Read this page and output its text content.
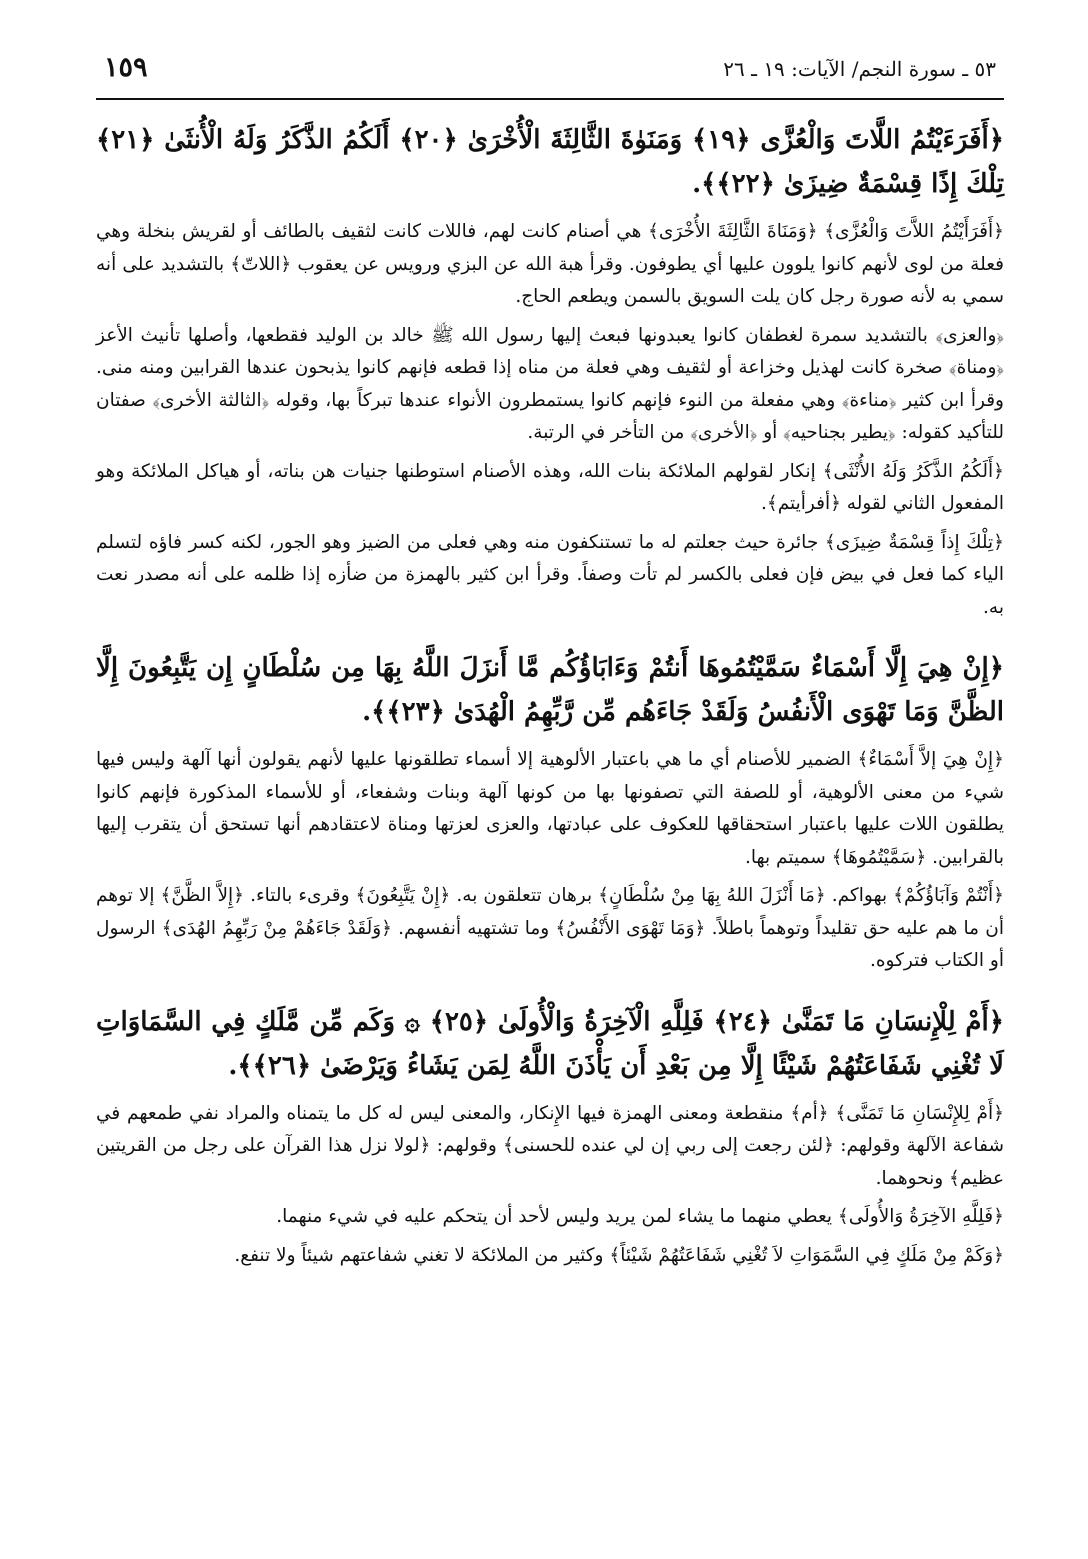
٥٣ ـ سورة النجم/ الآيات: ١٩ ـ ٢٦
١٥٩
﴿أَفَرَءَيْتُمُ اللَّاتَ وَالْعُزَّى ﴿١٩﴾ وَمَنَوٰةَ الثَّالِثَةَ الْأُخْرَىٰ ﴿٢٠﴾ أَلَكُمُ الذَّكَرُ وَلَهُ الْأُنثَىٰ ﴿٢١﴾ تِلْكَ إِذًا قِسْمَةٌ ضِيزَىٰ ﴿٢٢﴾﴾.

﴿أَفَرَأَيْتُمُ اللاَّتَ وَالْعُزَّى﴾ ﴿وَمَنَاةَ الثَّالِثَةَ الأُخْرَى﴾ هي أصنام كانت لهم، فاللات كانت لثقيف بالطائف أو لقريش بنخلة وهي فعلة من لوى لأنهم كانوا يلوون عليها أي يطوفون. وقرأ هبة الله عن البزي ورويس عن يعقوب ﴿اللاتّ﴾ بالتشديد على أنه سمي به لأنه صورة رجل كان يلت السويق بالسمن ويطعم الحاج.

﴿والعزى﴾ بالتشديد سمرة لغطفان كانوا يعبدونها فبعث إليها رسول الله ﷺ خالد بن الوليد فقطعها، وأصلها تأنيث الأعز ﴿ومناة﴾ صخرة كانت لهذيل وخزاعة أو لثقيف وهي فعلة من مناه إذا قطعه فإنهم كانوا يذبحون عندها القرابين ومنه منى. وقرأ ابن كثير ﴿مناءة﴾ وهي مفعلة من النوء فإنهم كانوا يستمطرون الأنواء عندها تبركاً بها، وقوله ﴿الثالثة الأخرى﴾ صفتان للتأكيد كقوله: ﴿يطير بجناحيه﴾ أو ﴿الأخرى﴾ من التأخر في الرتبة.

﴿أَلَكُمُ الذَّكَرُ وَلَهُ الأُنْثَى﴾ إنكار لقولهم الملائكة بنات الله، وهذه الأصنام استوطنها جنيات هن بناته، أو هياكل الملائكة وهو المفعول الثاني لقوله ﴿أفرأيتم﴾.

﴿تِلْكَ إِذاً قِسْمَةٌ ضِيزَى﴾ جائرة حيث جعلتم له ما تستنكفون منه وهي فعلى من الضيز وهو الجور، لكنه كسر فاؤه لتسلم الياء كما فعل في بيض فإن فعلى بالكسر لم تأت وصفاً. وقرأ ابن كثير بالهمزة من ضأزه إذا ظلمه على أنه مصدر نعت به.

﴿إِنْ هِيَ إِلَّا أَسْمَاءٌ سَمَّيْتُمُوهَا أَنتُمْ وَءَابَاؤُكُم مَّا أَنزَلَ اللَّهُ بِهَا مِن سُلْطَانٍ إِن يَتَّبِعُونَ إِلَّا الظَّنَّ وَمَا تَهْوَى الْأَنفُسُ وَلَقَدْ جَاءَهُم مِّن رَّبِّهِمُ الْهُدَىٰ ﴿٢٣﴾﴾.

﴿إِنْ هِيَ إلاَّ أَسْمَاءٌ﴾ الضمير للأصنام أي ما هي باعتبار الألوهية إلا أسماء تطلقونها عليها لأنهم يقولون أنها آلهة وليس فيها شيء من معنى الألوهية، أو للصفة التي تصفونها بها من كونها آلهة وبنات وشفعاء، أو للأسماء المذكورة فإنهم كانوا يطلقون اللات عليها باعتبار استحقاقها للعكوف على عبادتها، والعزى لعزتها ومناة لاعتقادهم أنها تستحق أن يتقرب إليها بالقرابين. ﴿سَمَّيْتُمُوهَا﴾ سميتم بها.

﴿أَنْتُمْ وَآبَاؤُكُمْ﴾ بهواكم. ﴿مَا أَنْزَلَ اللهُ بِهَا مِنْ سُلْطَانٍ﴾ برهان تتعلقون به. ﴿إِنْ يَتَّبِعُونَ﴾ وقرىء بالتاء. ﴿إِلاَّ الظَّنَّ﴾ إلا توهم أن ما هم عليه حق تقليداً وتوهماً باطلاً. ﴿وَمَا تَهْوَى الأَنْفُسُ﴾ وما تشتهيه أنفسهم. ﴿وَلَقَدْ جَاءَهُمْ مِنْ رَبِّهِمُ الهُدَى﴾ الرسول أو الكتاب فتركوه.

﴿أَمْ لِلْإِنسَانِ مَا تَمَنَّىٰ ﴿٢٤﴾ فَلِلَّهِ الْآخِرَةُ وَالْأُولَىٰ ﴿٢٥﴾ ۞ وَكَم مِّن مَّلَكٍ فِي السَّمَاوَاتِ لَا تُغْنِي شَفَاعَتُهُمْ شَيْئًا إِلَّا مِن بَعْدِ أَن يَأْذَنَ اللَّهُ لِمَن يَشَاءُ وَيَرْضَىٰ ﴿٢٦﴾﴾.

﴿أَمْ لِلإِنْسَانِ مَا تَمَنَّى﴾ ﴿أم﴾ منقطعة ومعنى الهمزة فيها الإِنكار، والمعنى ليس له كل ما يتمناه والمراد نفي طمعهم في شفاعة الآلهة وقولهم: ﴿لئن رجعت إلى ربي إن لي عنده للحسنى﴾ وقولهم: ﴿لولا نزل هذا القرآن على رجل من القريتين عظيم﴾ ونحوهما.

﴿فَلِلَّهِ الآخِرَةُ وَالأُولَى﴾ يعطي منهما ما يشاء لمن يريد وليس لأحد أن يتحكم عليه في شيء منهما.

﴿وَكَمْ مِنْ مَلَكٍ فِي السَّمَوَاتِ لاَ تُغْنِي شَفَاعَتُهُمْ شَيْئاً﴾ وكثير من الملائكة لا تغني شفاعتهم شيئاً ولا تنفع.
